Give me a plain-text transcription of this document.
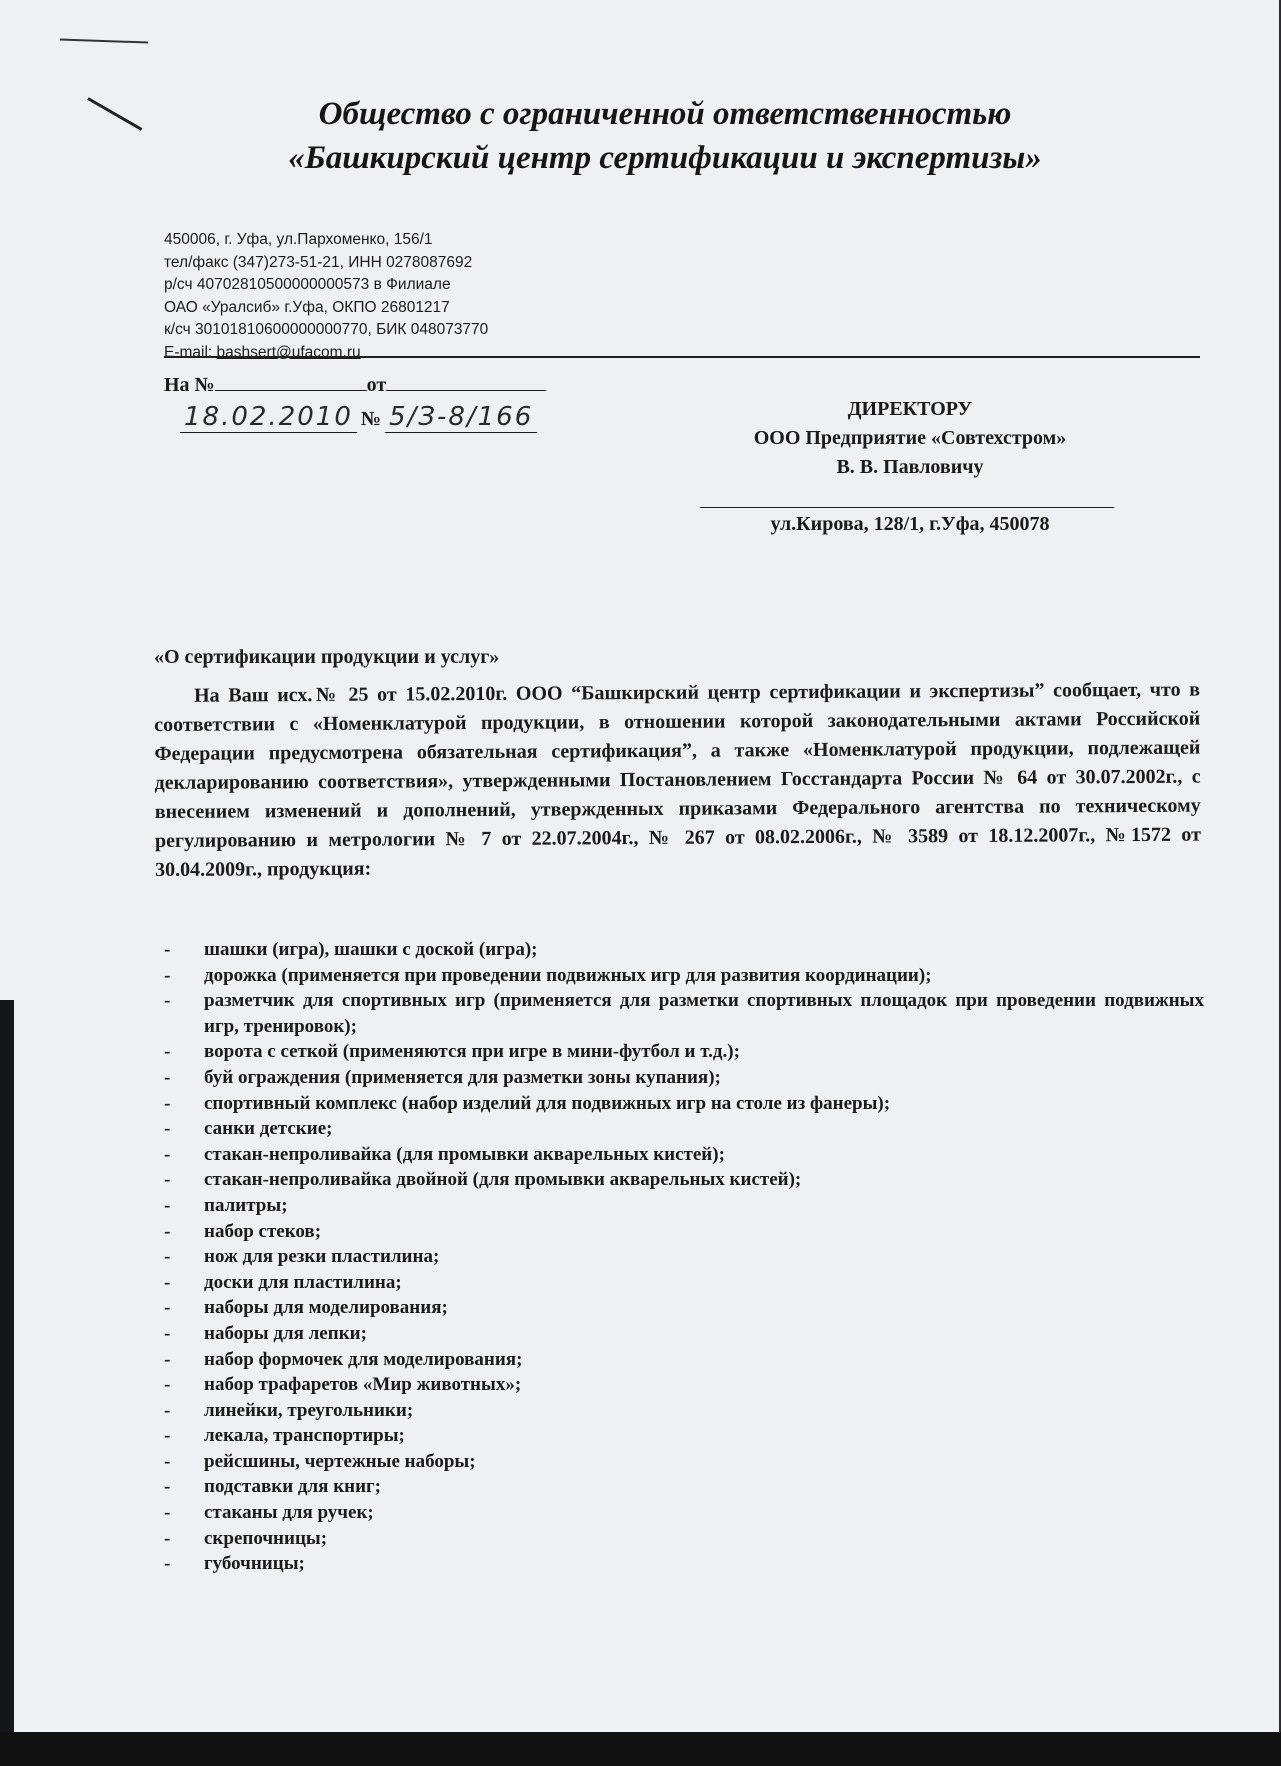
Общество с ограниченной ответственностью
«Башкирский центр сертификации и экспертизы»
450006, г. Уфа, ул.Пархоменко, 156/1
тел/факс (347)273-51-21, ИНН 0278087692
р/сч 40702810500000000573 в Филиале
ОАО «Уралсиб» г.Уфа, ОКПО 26801217
к/сч 30101810600000000770, БИК 048073770
E-mail: bashsert@ufacom.ru
На №	от
18.02.2010 № 5/З-8/166	ДИРЕКТОРУ
ООО Предприятие «Совтехстром»
В. В. Павловичу
ул.Кирова, 128/1, г.Уфа, 450078
«О сертификации продукции и услуг»
На Ваш исх.№ 25 от 15.02.2010г. ООО “Башкирский центр сертификации и экспертизы” сообщает, что в соответствии с «Номенклатурой продукции, в отношении которой законодательными актами Российской Федерации предусмотрена обязательная сертификация”, а также «Номенклатурой продукции, подлежащей декларированию соответствия», утвержденными Постановлением Госстандарта России № 64 от 30.07.2002г., с внесением изменений и дополнений, утвержденных приказами Федерального агентства по техническому регулированию и метрологии № 7 от 22.07.2004г., № 267 от 08.02.2006г., № 3589 от 18.12.2007г., №1572 от 30.04.2009г., продукция:
- шашки (игра), шашки с доской (игра);
- дорожка (применяется при проведении подвижных игр для развития координации);
- разметчик для спортивных игр (применяется для разметки спортивных площадок при проведении подвижных игр, тренировок);
- ворота с сеткой (применяются при игре в мини-футбол и т.д.);
- буй ограждения (применяется для разметки зоны купания);
- спортивный комплекс (набор изделий для подвижных игр на столе из фанеры);
- санки детские;
- стакан-непроливайка (для промывки акварельных кистей);
- стакан-непроливайка двойной (для промывки акварельных кистей);
- палитры;
- набор стеков;
- нож для резки пластилина;
- доски для пластилина;
- наборы для моделирования;
- наборы для лепки;
- набор формочек для моделирования;
- набор трафаретов «Мир животных»;
- линейки, треугольники;
- лекала, транспортиры;
- рейсшины, чертежные наборы;
- подставки для книг;
- стаканы для ручек;
- скрепочницы;
- губочницы;
